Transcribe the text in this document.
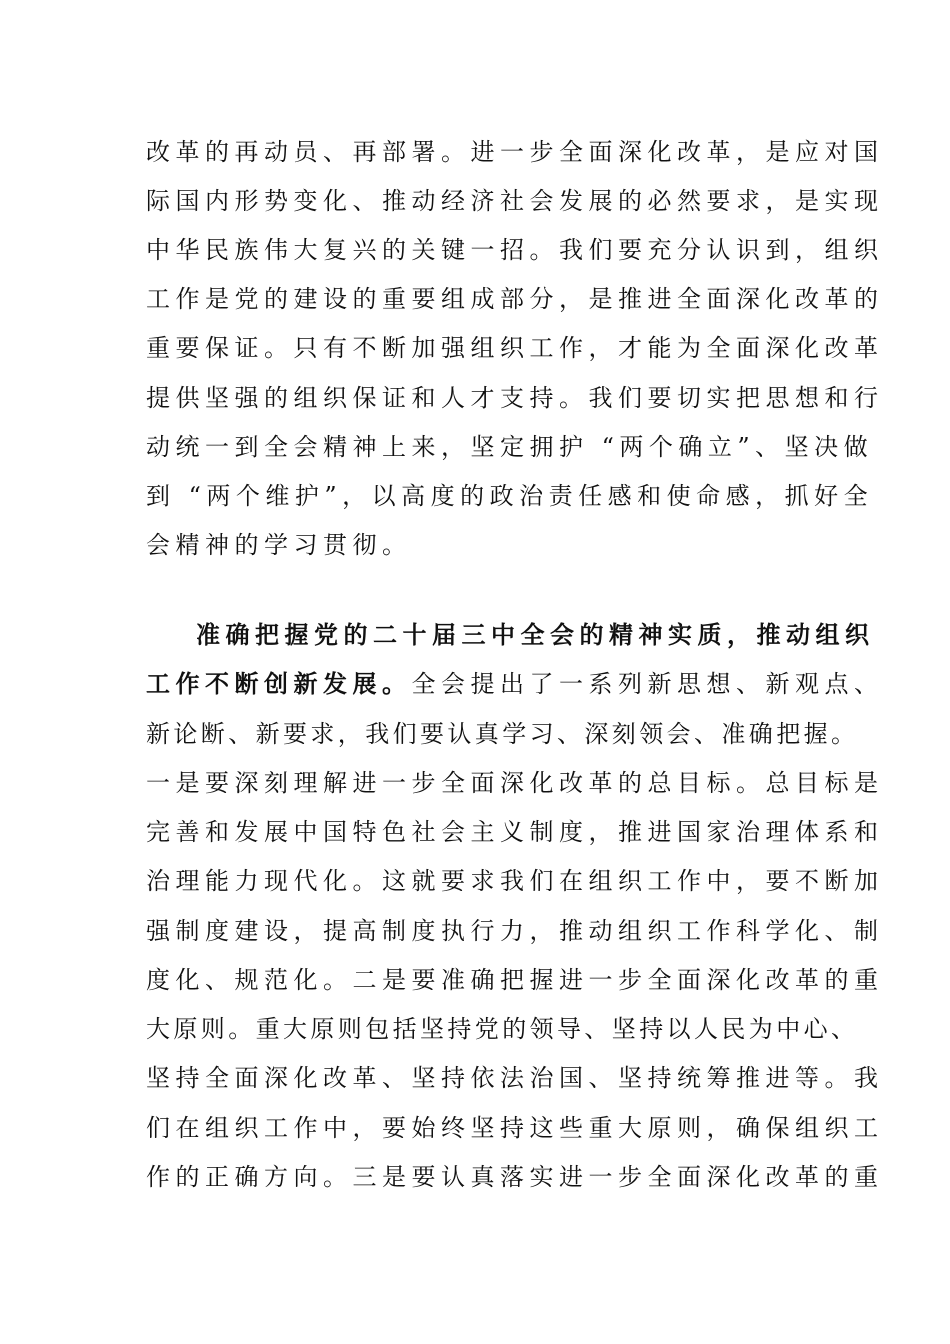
改革的再动员、再部署。进一步全面深化改革，是应对国

际国内形势变化、推动经济社会发展的必然要求，是实现

中华民族伟大复兴的关键一招。我们要充分认识到，组织

工作是党的建设的重要组成部分，是推进全面深化改革的

重要保证。只有不断加强组织工作，才能为全面深化改革

提供坚强的组织保证和人才支持。我们要切实把思想和行

动统一到全会精神上来，坚定拥护 “两个确立”、坚决做

到 “两个维护”，以高度的政治责任感和使命感，抓好全

会精神的学习贯彻。

准确把握党的二十届三中全会的精神实质，推动组织

工作不断创新发展。全会提出了一系列新思想、新观点、

新论断、新要求，我们要认真学习、深刻领会、准确把握。

一是要深刻理解进一步全面深化改革的总目标。总目标是

完善和发展中国特色社会主义制度，推进国家治理体系和

治理能力现代化。这就要求我们在组织工作中，要不断加

强制度建设，提高制度执行力，推动组织工作科学化、制

度化、规范化。二是要准确把握进一步全面深化改革的重

大原则。重大原则包括坚持党的领导、坚持以人民为中心、

坚持全面深化改革、坚持依法治国、坚持统筹推进等。我

们在组织工作中，要始终坚持这些重大原则，确保组织工

作的正确方向。三是要认真落实进一步全面深化改革的重
